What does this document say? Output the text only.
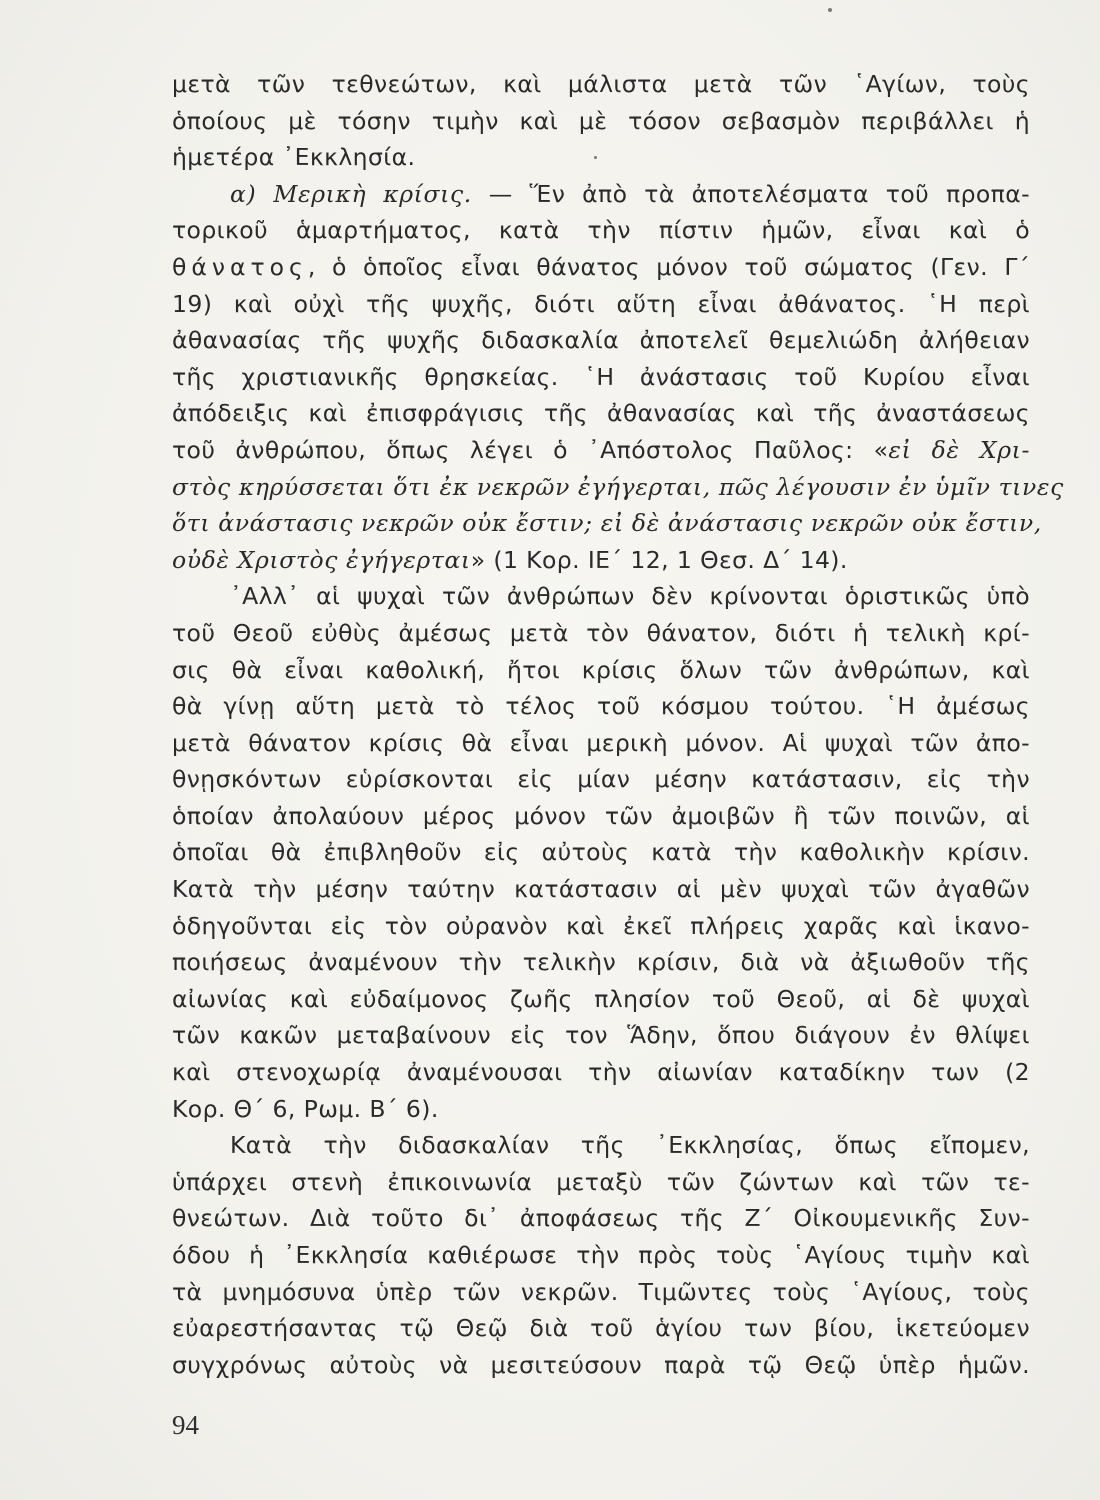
μετὰ τῶν τεθνεώτων, καὶ μάλιστα μετὰ τῶν ῾Αγίων, τοὺς
ὁποίους μὲ τόσην τιμὴν καὶ μὲ τόσον σεβασμὸν περιβάλλει ἡ
ἡμετέρα ᾿Εκκλησία.

α) Μερικὴ κρίσις. — Ἕν ἀπὸ τὰ ἀποτελέσματα τοῦ προπα-
τορικοῦ ἁμαρτήματος, κατὰ τὴν πίστιν ἡμῶν, εἶναι καὶ ὁ
θάνατος, ὁ ὁποῖος εἶναι θάνατος μόνον τοῦ σώματος (Γεν. Γ΄
19) καὶ οὐχὶ τῆς ψυχῆς, διότι αὕτη εἶναι ἀθάνατος. ῾Η περὶ
ἀθανασίας τῆς ψυχῆς διδασκαλία ἀποτελεῖ θεμελιώδη ἀλήθειαν
τῆς χριστιανικῆς θρησκείας. ῾Η ἀνάστασις τοῦ Κυρίου εἶναι
ἀπόδειξις καὶ ἐπισφράγισις τῆς ἀθανασίας καὶ τῆς ἀναστάσεως
τοῦ ἀνθρώπου, ὅπως λέγει ὁ ᾿Απόστολος Παῦλος: «εἰ δὲ Χρι-
στὸς κηρύσσεται ὅτι ἐκ νεκρῶν ἐγήγερται, πῶς λέγουσιν ἐν ὑμῖν τινες
ὅτι ἀνάστασις νεκρῶν οὐκ ἔστιν; εἰ δὲ ἀνάστασις νεκρῶν οὐκ ἔστιν,
οὐδὲ Χριστὸς ἐγήγερται» (1 Κορ. ΙΕ΄ 12, 1 Θεσ. Δ΄ 14).

᾿Αλλ᾿ αἱ ψυχαὶ τῶν ἀνθρώπων δὲν κρίνονται ὁριστικῶς ὑπὸ
τοῦ Θεοῦ εὐθὺς ἀμέσως μετὰ τὸν θάνατον, διότι ἡ τελικὴ κρί-
σις θὰ εἶναι καθολική, ἤτοι κρίσις ὅλων τῶν ἀνθρώπων, καὶ
θὰ γίνῃ αὕτη μετὰ τὸ τέλος τοῦ κόσμου τούτου. ῾Η ἀμέσως
μετὰ θάνατον κρίσις θὰ εἶναι μερικὴ μόνον. Αἱ ψυχαὶ τῶν ἀπο-
θνῃσκόντων εὑρίσκονται εἰς μίαν μέσην κατάστασιν, εἰς τὴν
ὁποίαν ἀπολαύουν μέρος μόνον τῶν ἀμοιβῶν ἢ τῶν ποινῶν, αἱ
ὁποῖαι θὰ ἐπιβληθοῦν εἰς αὐτοὺς κατὰ τὴν καθολικὴν κρίσιν.
Κατὰ τὴν μέσην ταύτην κατάστασιν αἱ μὲν ψυχαὶ τῶν ἀγαθῶν
ὁδηγοῦνται εἰς τὸν οὐρανὸν καὶ ἐκεῖ πλήρεις χαρᾶς καὶ ἱκανο-
ποιήσεως ἀναμένουν τὴν τελικὴν κρίσιν, διὰ νὰ ἀξιωθοῦν τῆς
αἰωνίας καὶ εὐδαίμονος ζωῆς πλησίον τοῦ Θεοῦ, αἱ δὲ ψυχαὶ
τῶν κακῶν μεταβαίνουν εἰς τον Ἅδην, ὅπου διάγουν ἐν θλίψει
καὶ στενοχωρίᾳ ἀναμένουσαι τὴν αἰωνίαν καταδίκην των (2
Κορ. Θ΄ 6, Ρωμ. Β΄ 6).

Κατὰ τὴν διδασκαλίαν τῆς ᾿Εκκλησίας, ὅπως εἴπομεν,
ὑπάρχει στενὴ ἐπικοινωνία μεταξὺ τῶν ζώντων καὶ τῶν τε-
θνεώτων. Διὰ τοῦτο δι᾿ ἀποφάσεως τῆς Ζ΄ Οἰκουμενικῆς Συν-
όδου ἡ ᾿Εκκλησία καθιέρωσε τὴν πρὸς τοὺς ῾Αγίους τιμὴν καὶ
τὰ μνημόσυνα ὑπὲρ τῶν νεκρῶν. Τιμῶντες τοὺς ῾Αγίους, τοὺς
εὐαρεστήσαντας τῷ Θεῷ διὰ τοῦ ἁγίου των βίου, ἱκετεύομεν
συγχρόνως αὐτοὺς νὰ μεσιτεύσουν παρὰ τῷ Θεῷ ὑπὲρ ἡμῶν.

94
